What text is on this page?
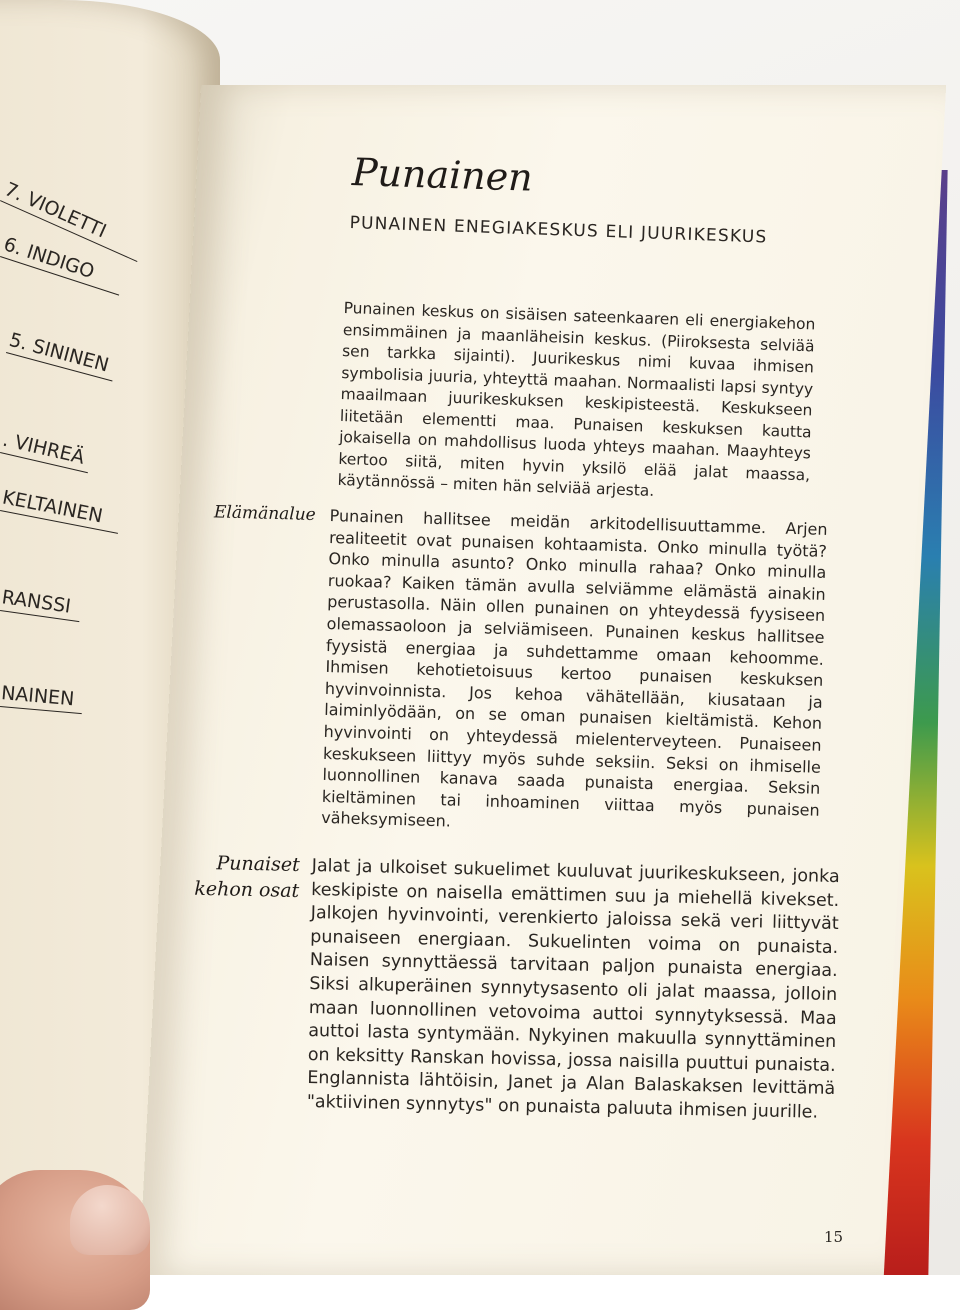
7. VIOLETTI
6. INDIGO
5. SININEN
. VIHREÄ
KELTAINEN
RANSSI
NAINEN
Punainen
PUNAINEN ENEGIAKESKUS ELI JUURIKESKUS
Punainen keskus on sisäisen sateenkaaren eli energiakehon ensimmäinen ja maanläheisin keskus. (Piiroksesta selviää sen tarkka sijainti). Juurikeskus nimi kuvaa ihmisen symbolisia juuria, yhteyttä maahan. Normaalisti lapsi syntyy maailmaan juurikeskuksen keskipisteestä. Keskukseen liitetään elementti maa. Punaisen keskuksen kautta jokaisella on mahdollisus luoda yhteys maahan. Maayhteys kertoo siitä, miten hyvin yksilö elää jalat maassa, käytännössä – miten hän selviää arjesta.
Elämänalue Punainen hallitsee meidän arkitodellisuuttamme. Arjen realiteetit ovat punaisen kohtaamista. Onko minulla työtä? Onko minulla asunto? Onko minulla rahaa? Onko minulla ruokaa? Kaiken tämän avulla selviämme elämästä ainakin perustasolla. Näin ollen punainen on yhteydessä fyysiseen olemassaoloon ja selviämiseen. Punainen keskus hallitsee fyysistä energiaa ja suhdettamme omaan kehoomme. Ihmisen kehotietoisuus kertoo punaisen keskuksen hyvinvoinnista. Jos kehoa vähätellään, kiusataan ja laiminlyödään, on se oman punaisen kieltämistä. Kehon hyvinvointi on yhteydessä mielenterveyteen. Punaiseen keskukseen liittyy myös suhde seksiin. Seksi on ihmiselle luonnollinen kanava saada punaista energiaa. Seksin kieltäminen tai inhoaminen viittaa myös punaisen väheksymiseen.
Punaiset
kehon osat
Jalat ja ulkoiset sukuelimet kuuluvat juurikeskukseen, jonka keskipiste on naisella emättimen suu ja miehellä kivekset. Jalkojen hyvinvointi, verenkierto jaloissa sekä veri liittyvät punaiseen energiaan. Sukuelinten voima on punaista. Naisen synnyttäessä tarvitaan paljon punaista energiaa. Siksi alkuperäinen synnytysasento oli jalat maassa, jolloin maan luonnollinen vetovoima auttoi synnytyksessä. Maa auttoi lasta syntymään. Nykyinen makuulla synnyttäminen on keksitty Ranskan hovissa, jossa naisilla puuttui punaista. Englannista lähtöisin, Janet ja Alan Balaskaksen levittämä "aktiivinen synnytys" on punaista paluuta ihmisen juurille.
15
